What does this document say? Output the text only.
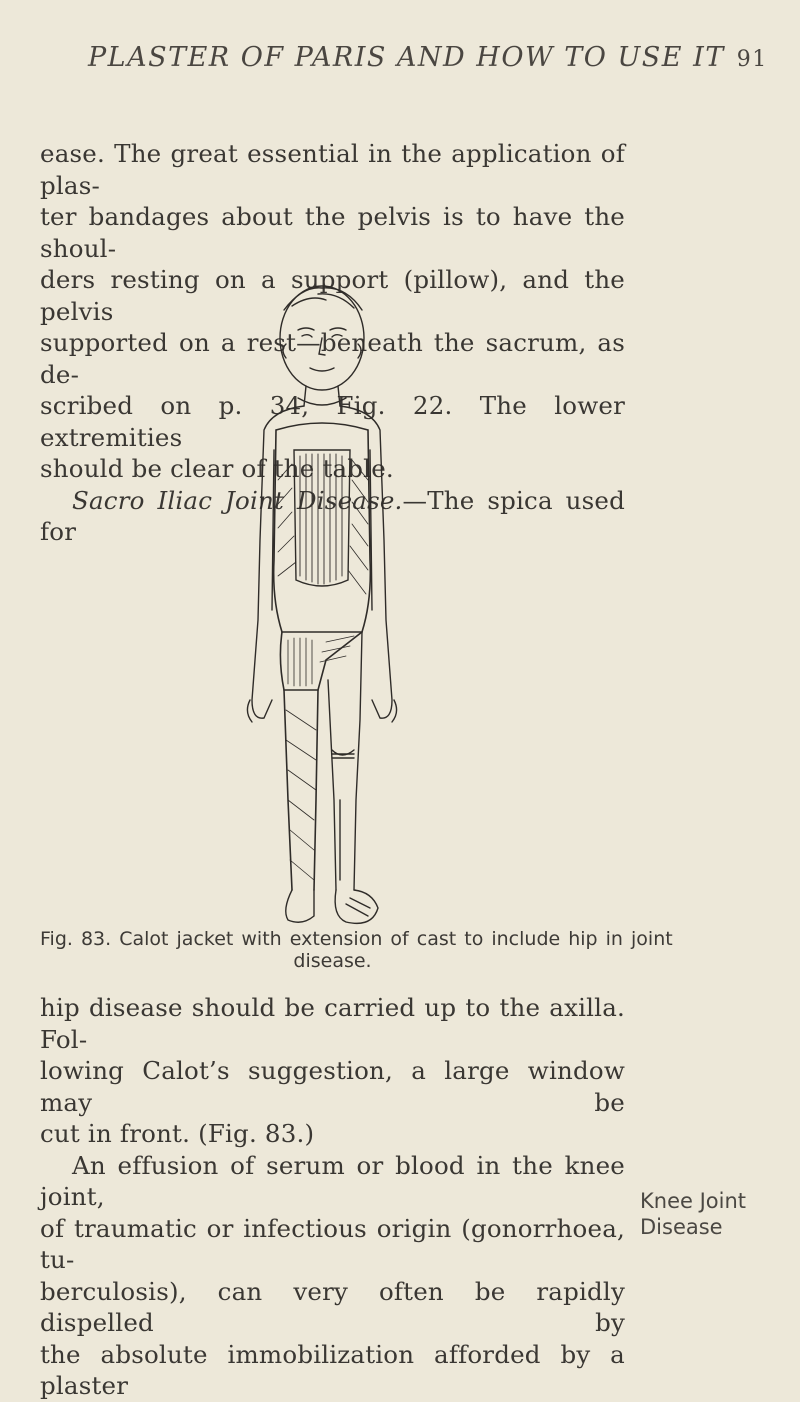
PLASTER OF PARIS AND HOW TO USE IT 91

ease. The great essential in the application of plas-

ter bandages about the pelvis is to have the shoul-

ders resting on a support (pillow), and the pelvis

supported on a rest—beneath the sacrum, as de-

scribed on p. 34, Fig. 22. The lower extremities

should be clear of the table.

Sacro Iliac Joint Disease.—The spica used for

Fig. 83. Calot jacket with extension of cast to include hip in joint
disease.

hip disease should be carried up to the axilla. Fol-

lowing Calot’s suggestion, a large window may be

cut in front. (Fig. 83.)

An effusion of serum or blood in the knee joint,

of traumatic or infectious origin (gonorrhoea, tu-

berculosis), can very often be rapidly dispelled by

the absolute immobilization afforded by a plaster

Knee Joint
Disease
